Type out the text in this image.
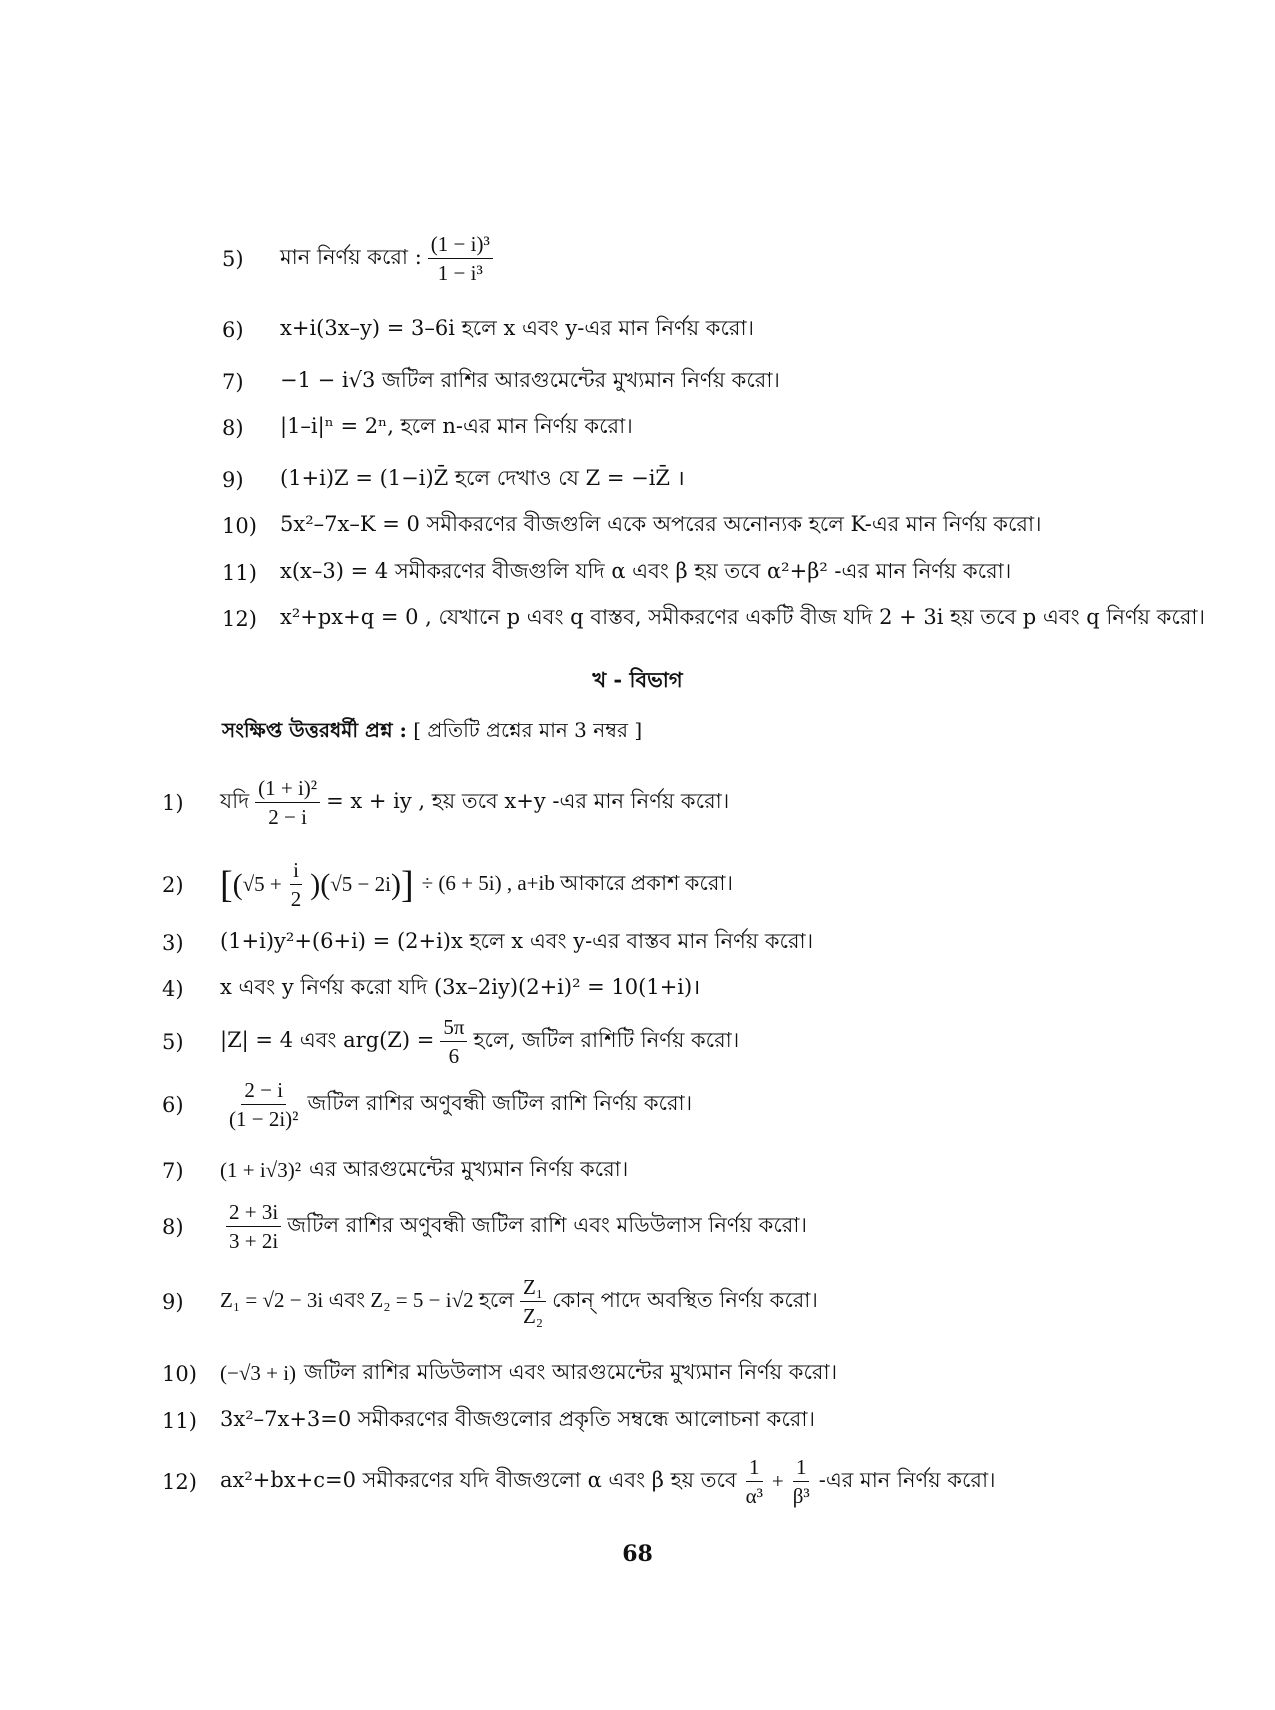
5)	মান নির্ণয় করো : $\frac{\text{(1 − i)³}}{\text{1 − i³}}$
6)	x+i(3x–y) = 3–6i হলে x এবং y-এর মান নির্ণয় করো।
7)	−1 − i√3 জটিল রাশির আরগুমেন্টের মুখ্যমান নির্ণয় করো।
8)	|1–i|ⁿ = 2ⁿ, হলে n-এর মান নির্ণয় করো।
9)	(1+i)Z = (1−i)Z̄ হলে দেখাও যে Z = −iZ̄ ।
10)	5x²–7x–K = 0 সমীকরণের বীজগুলি একে অপরের অনোন্যক হলে K-এর মান নির্ণয় করো।
11)	x(x–3) = 4 সমীকরণের বীজগুলি যদি α এবং β হয় তবে α²+β² -এর মান নির্ণয় করো।
12)	x²+px+q = 0 , যেখানে p এবং q বাস্তব, সমীকরণের একটি বীজ যদি 2 + 3i হয় তবে p এবং q নির্ণয় করো।
খ - বিভাগ
সংক্ষিপ্ত উত্তরধর্মী প্রশ্ন : [ প্রতিটি প্রশ্নের মান 3 নম্বর ]
1)	যদি $\frac{\text{(1 + i)²}}{2 - i} = x$ + iy , হয় তবে x+y -এর মান নির্ণয় করো।
2) [ ( $√5 + \frac{i}{2}$ ) ( √5 − 2i ) ] ÷ (6 + 5i) , a+ib আকারে প্রকাশ করো।
3)	(1+i)y²+(6+i) = (2+i)x হলে x এবং y-এর বাস্তব মান নির্ণয় করো।
4)	x এবং y নির্ণয় করো যদি (3x–2iy)(2+i)² = 10(1+i)।
5)	|Z| = 4 এবং $arg(Z) = \frac{5\pi}{6}$ হলে, জটিল রাশিটি নির্ণয় করো।
6)	$\frac{2 - i}{\text{(1 − 2i)²}}$ জটিল রাশির অণুবন্ধী জটিল রাশি নির্ণয় করো।
7)	(1 + i√3)² এর আরগুমেন্টের মুখ্যমান নির্ণয় করো।
8)	$\frac{2 + 3i}{3 + 2i}$ জটিল রাশির অণুবন্ধী জটিল রাশি এবং মডিউলাস নির্ণয় করো।
9)	Z₁ = √2 − 3i এবং Z₂ = 5 − i√2 হলে $\frac{\text{Z₁}}{\text{Z₂}}$ কোন্ পাদে অবস্থিত নির্ণয় করো।
10)	(−√3 + i) জটিল রাশির মডিউলাস এবং আরগুমেন্টের মুখ্যমান নির্ণয় করো।
11)	3x²–7x+3=0 সমীকরণের বীজগুলোর প্রকৃতি সম্বন্ধে আলোচনা করো।
12)	ax²+bx+c=0 সমীকরণের যদি বীজগুলো α এবং β হয় তবে $\frac{1}{\text{α³}} + \frac{1}{\text{β³}}$ -এর মান নির্ণয় করো।
68
